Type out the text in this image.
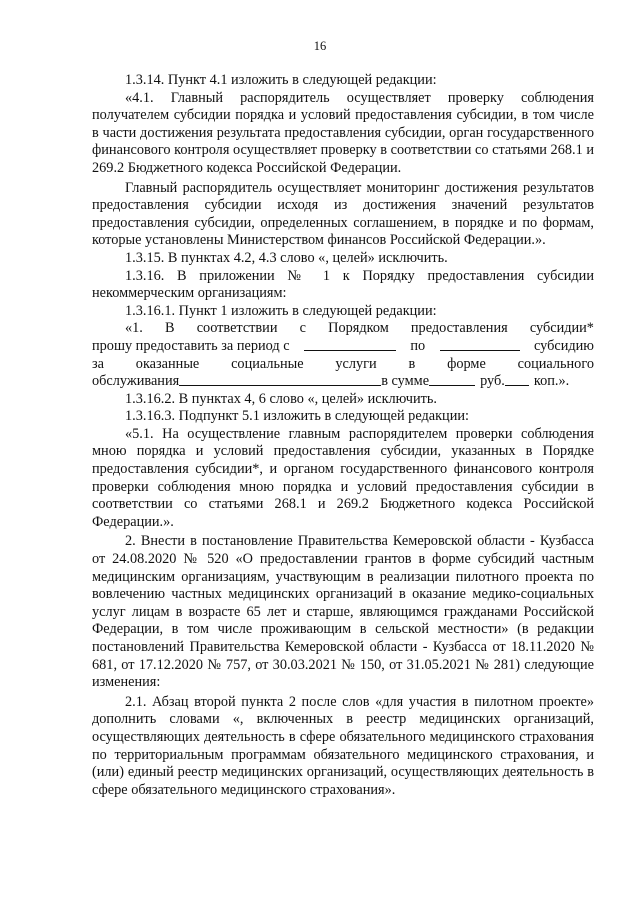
16

1.3.14. Пункт 4.1 изложить в следующей редакции:

«4.1. Главный распорядитель осуществляет проверку соблюдения получателем субсидии порядка и условий предоставления субсидии, в том числе в части достижения результата предоставления субсидии, орган государственного финансового контроля осуществляет проверку в соответствии со статьями 268.1 и 269.2 Бюджетного кодекса Российской Федерации.

Главный распорядитель осуществляет мониторинг достижения результатов предоставления субсидии исходя из достижения значений результатов предоставления субсидии, определенных соглашением, в порядке и по формам, которые установлены Министерством финансов Российской Федерации.».

1.3.15. В пунктах 4.2, 4.3 слово «, целей» исключить.

1.3.16. В приложении № 1 к Порядку предоставления субсидии некоммерческим организациям:

1.3.16.1. Пункт 1 изложить в следующей редакции:

«1. В соответствии с Порядком предоставления субсидии*
прошу предоставить за период с	по	субсидию
за оказанные социальные услуги в форме социального
обслуживания	в сумме	руб. коп.».

1.3.16.2. В пунктах 4, 6 слово «, целей» исключить.

1.3.16.3. Подпункт 5.1 изложить в следующей редакции:

«5.1. На осуществление главным распорядителем проверки соблюдения мною порядка и условий предоставления субсидии, указанных в Порядке предоставления субсидии*, и органом государственного финансового контроля проверки соблюдения мною порядка и условий предоставления субсидии в соответствии со статьями 268.1 и 269.2 Бюджетного кодекса Российской Федерации.».

2. Внести в постановление Правительства Кемеровской области - Кузбасса от 24.08.2020 № 520 «О предоставлении грантов в форме субсидий частным медицинским организациям, участвующим в реализации пилотного проекта по вовлечению частных медицинских организаций в оказание медико-социальных услуг лицам в возрасте 65 лет и старше, являющимся гражданами Российской Федерации, в том числе проживающим в сельской местности» (в редакции постановлений Правительства Кемеровской области - Кузбасса от 18.11.2020 № 681, от 17.12.2020 № 757, от 30.03.2021 № 150, от 31.05.2021 № 281) следующие изменения:

2.1. Абзац второй пункта 2 после слов «для участия в пилотном проекте» дополнить словами «, включенных в реестр медицинских организаций, осуществляющих деятельность в сфере обязательного медицинского страхования по территориальным программам обязательного медицинского страхования, и (или) единый реестр медицинских организаций, осуществляющих деятельность в сфере обязательного медицинского страхования».
